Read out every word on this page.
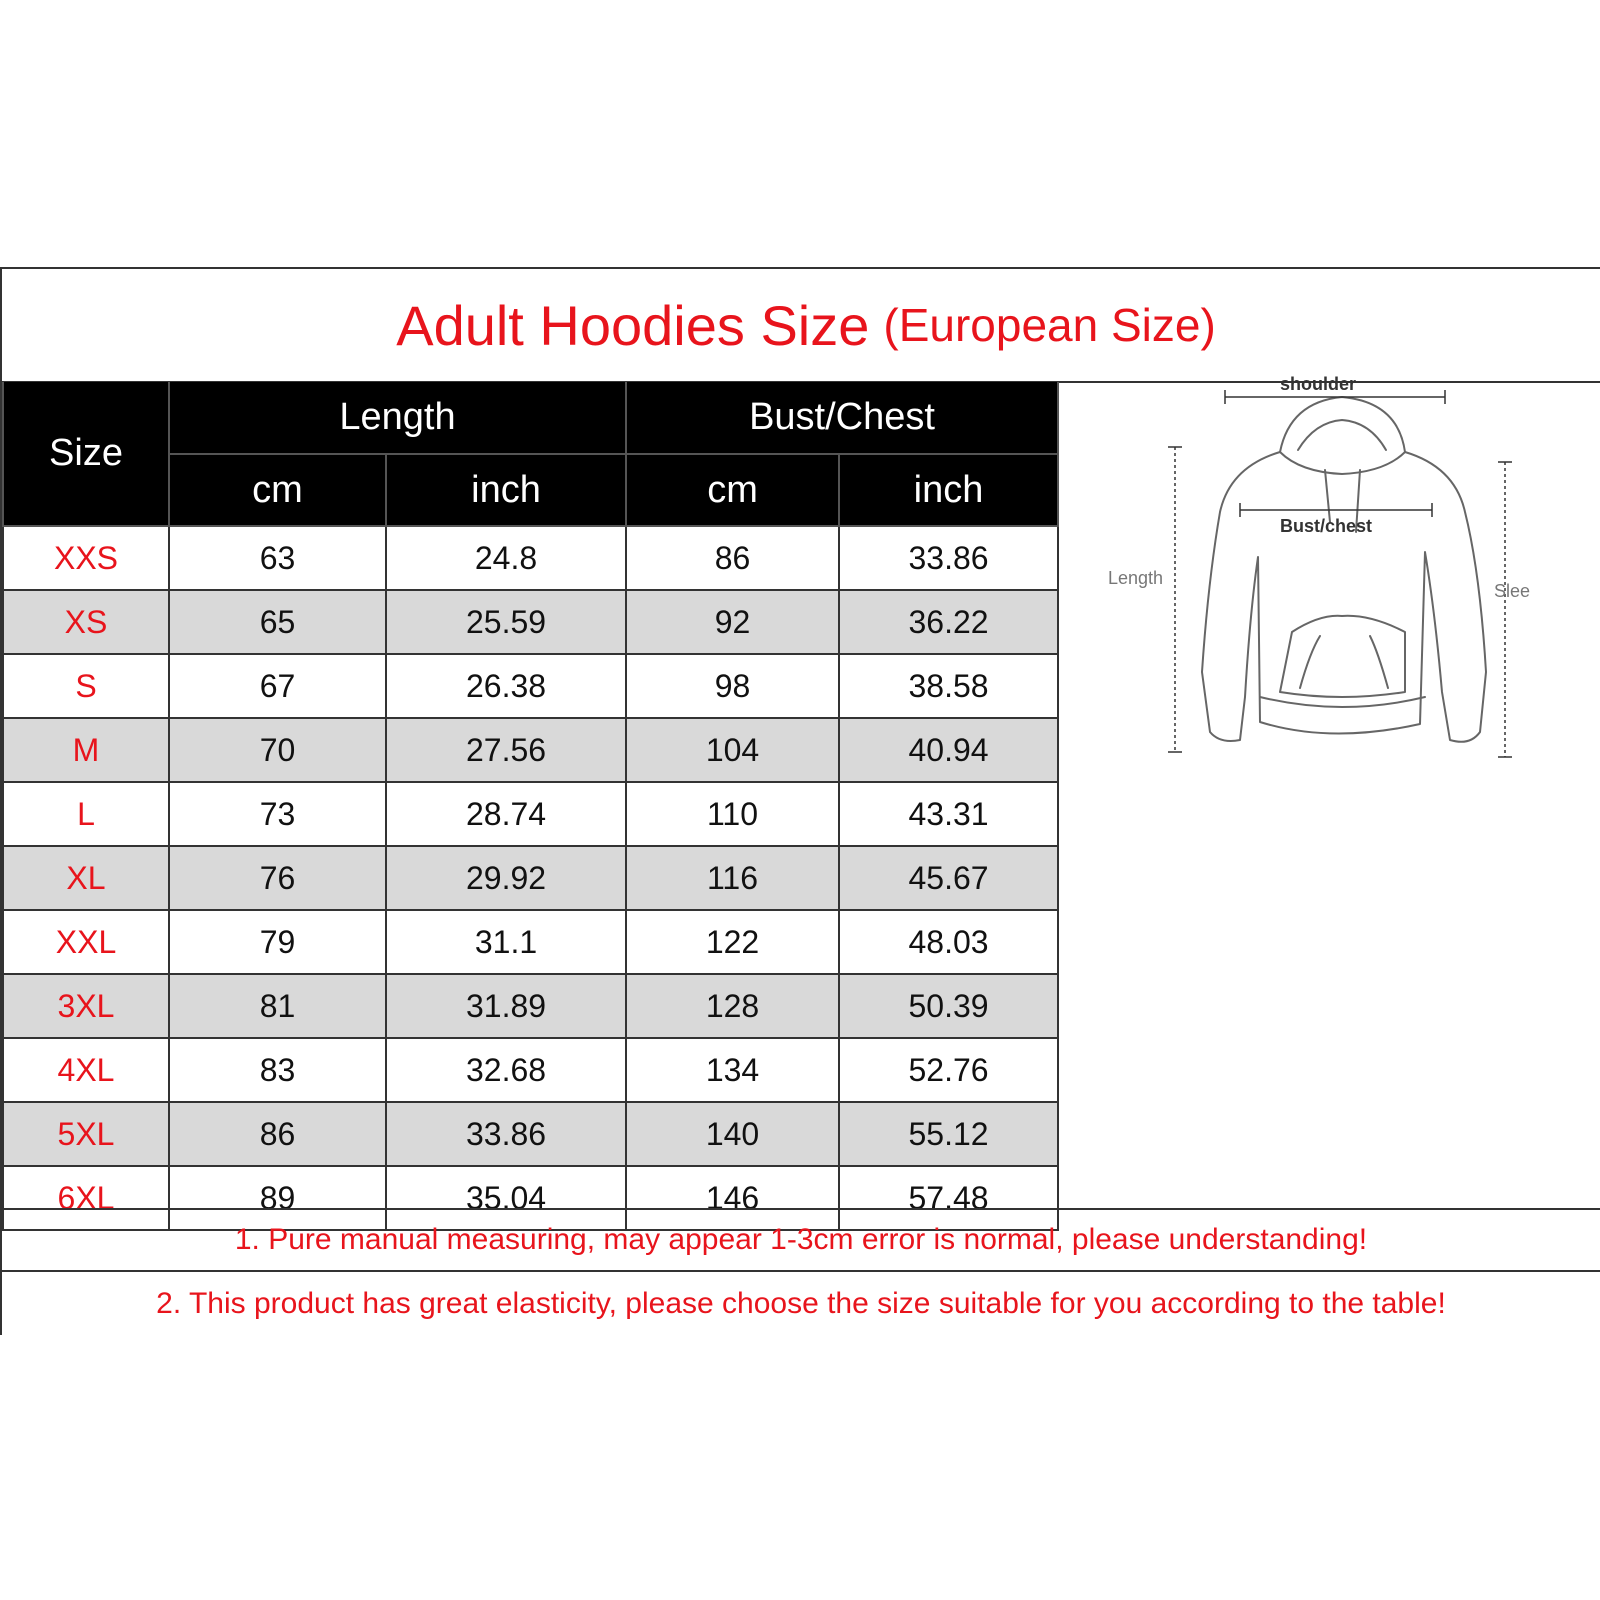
Adult Hoodies Size (European Size)
Size	Length		Bust/Chest	
	cm	inch	cm	inch
XXS	63	24.8	86	33.86
XS	65	25.59	92	36.22
S	67	26.38	98	38.58
M	70	27.56	104	40.94
L	73	28.74	110	43.31
XL	76	29.92	116	45.67
XXL	79	31.1	122	48.03
3XL	81	31.89	128	50.39
4XL	83	32.68	134	52.76
5XL	86	33.86	140	55.12
6XL	89	35.04	146	57.48
1. Pure manual measuring, may appear 1-3cm error is normal, please understanding!
2. This product has great elasticity, please choose the size suitable for you according to the table!
shoulder
Bust/chest
Length
Slee
